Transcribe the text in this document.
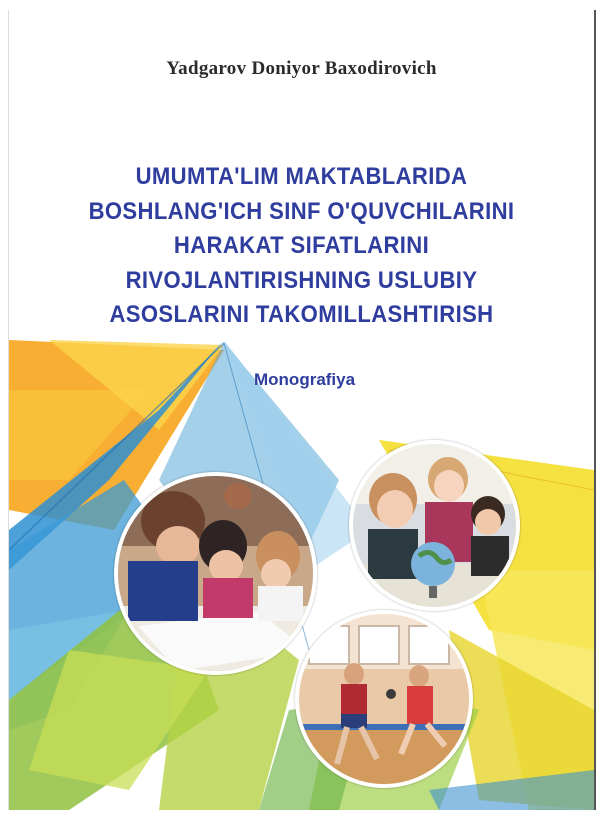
Yadgarov Doniyor Baxodirovich
UMUMTA'LIM MAKTABLARIDA
BOSHLANG'ICH SINF O'QUVCHILARINI
HARAKAT SIFATLARINI
RIVOJLANTIRISHNING USLUBIY
ASOSLARINI TAKOMILLASHTIRISH
Monografiya
